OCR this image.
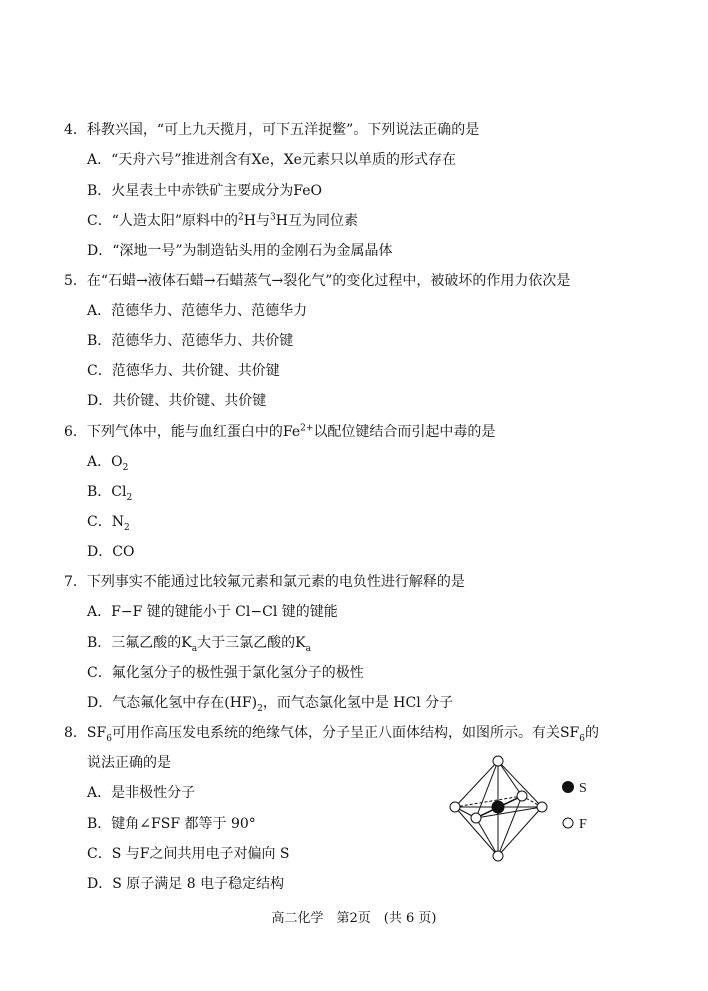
4．科教兴国，“可上九天揽月，可下五洋捉鳖”。下列说法正确的是
A．“天舟六号”推进剂含有Xe，Xe元素只以单质的形式存在
B．火星表土中赤铁矿主要成分为FeO
C．“人造太阳”原料中的$^2$H与$^3$H互为同位素
D．“深地一号”为制造钻头用的金刚石为金属晶体
5．在“石蜡→液体石蜡→石蜡蒸气→裂化气”的变化过程中，被破坏的作用力依次是
A．范德华力、范德华力、范德华力
B．范德华力、范德华力、共价键
C．范德华力、共价键、共价键
D．共价键、共价键、共价键
6．下列气体中，能与血红蛋白中的$Fe^{2+}$以配位键结合而引起中毒的是
A．$O_2$
B．$Cl_2$
C．$N_2$
D．CO
7．下列事实不能通过比较氟元素和氯元素的电负性进行解释的是
A．F−F 键的键能小于 Cl−Cl 键的键能
B．三氟乙酸的$K_a$大于三氯乙酸的$K_a$
C．氟化氢分子的极性强于氯化氢分子的极性
D．气态氟化氢中存在$(HF)_2$，而气态氯化氢中是 HCl 分子
8．$SF_6$可用作高压发电系统的绝缘气体，分子呈正八面体结构，如图所示。有关$SF_6$的
说法正确的是
A．是非极性分子
B．键角∠FSF 都等于 90°
C．S 与F之间共用电子对偏向 S
D．S 原子满足 8 电子稳定结构
S
F
高二化学　第2页　(共 6 页)
